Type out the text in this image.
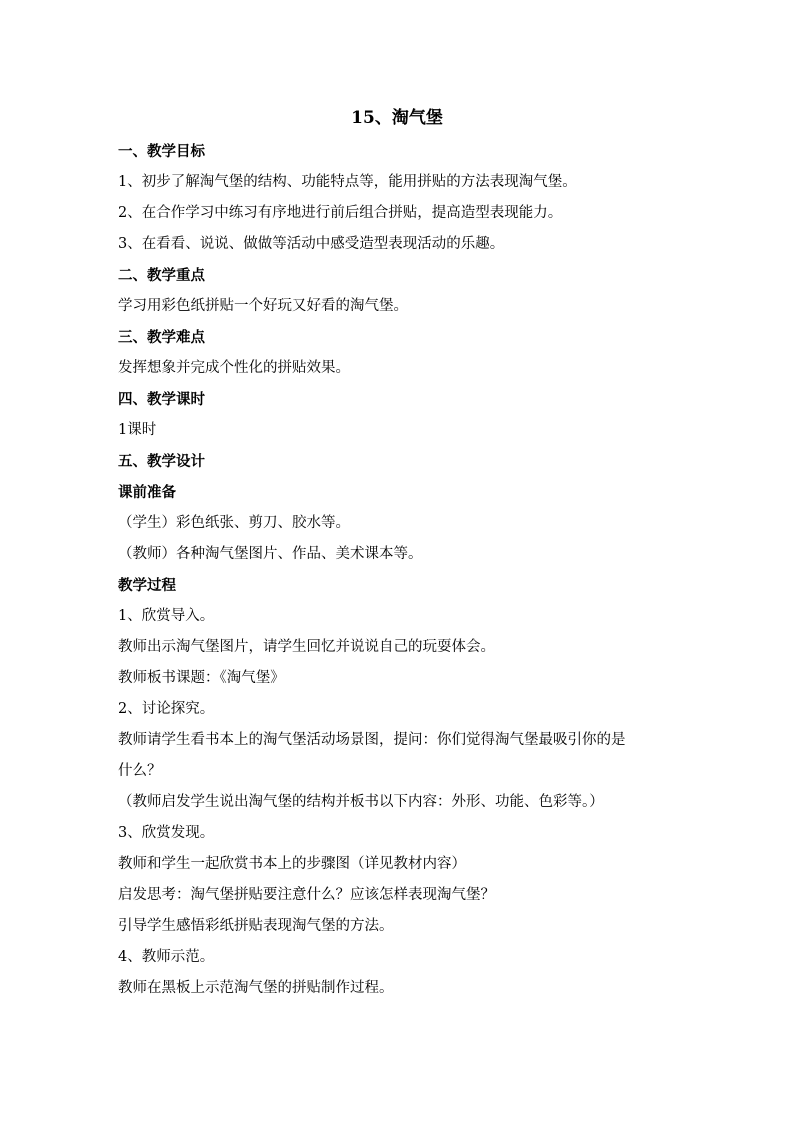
15、淘气堡
一、教学目标
1、初步了解淘气堡的结构、功能特点等，能用拼贴的方法表现淘气堡。
2、在合作学习中练习有序地进行前后组合拼贴，提高造型表现能力。
3、在看看、说说、做做等活动中感受造型表现活动的乐趣。
二、教学重点
学习用彩色纸拼贴一个好玩又好看的淘气堡。
三、教学难点
发挥想象并完成个性化的拼贴效果。
四、教学课时
1课时
五、教学设计
课前准备
（学生）彩色纸张、剪刀、胶水等。
（教师）各种淘气堡图片、作品、美术课本等。
教学过程
1、欣赏导入。
教师出示淘气堡图片，请学生回忆并说说自己的玩耍体会。
教师板书课题：《淘气堡》
2、讨论探究。
教师请学生看书本上的淘气堡活动场景图，提问：你们觉得淘气堡最吸引你的是
什么？
（教师启发学生说出淘气堡的结构并板书以下内容：外形、功能、色彩等。）
3、欣赏发现。
教师和学生一起欣赏书本上的步骤图（详见教材内容）
启发思考：淘气堡拼贴要注意什么？应该怎样表现淘气堡？
引导学生感悟彩纸拼贴表现淘气堡的方法。
4、教师示范。
教师在黑板上示范淘气堡的拼贴制作过程。
